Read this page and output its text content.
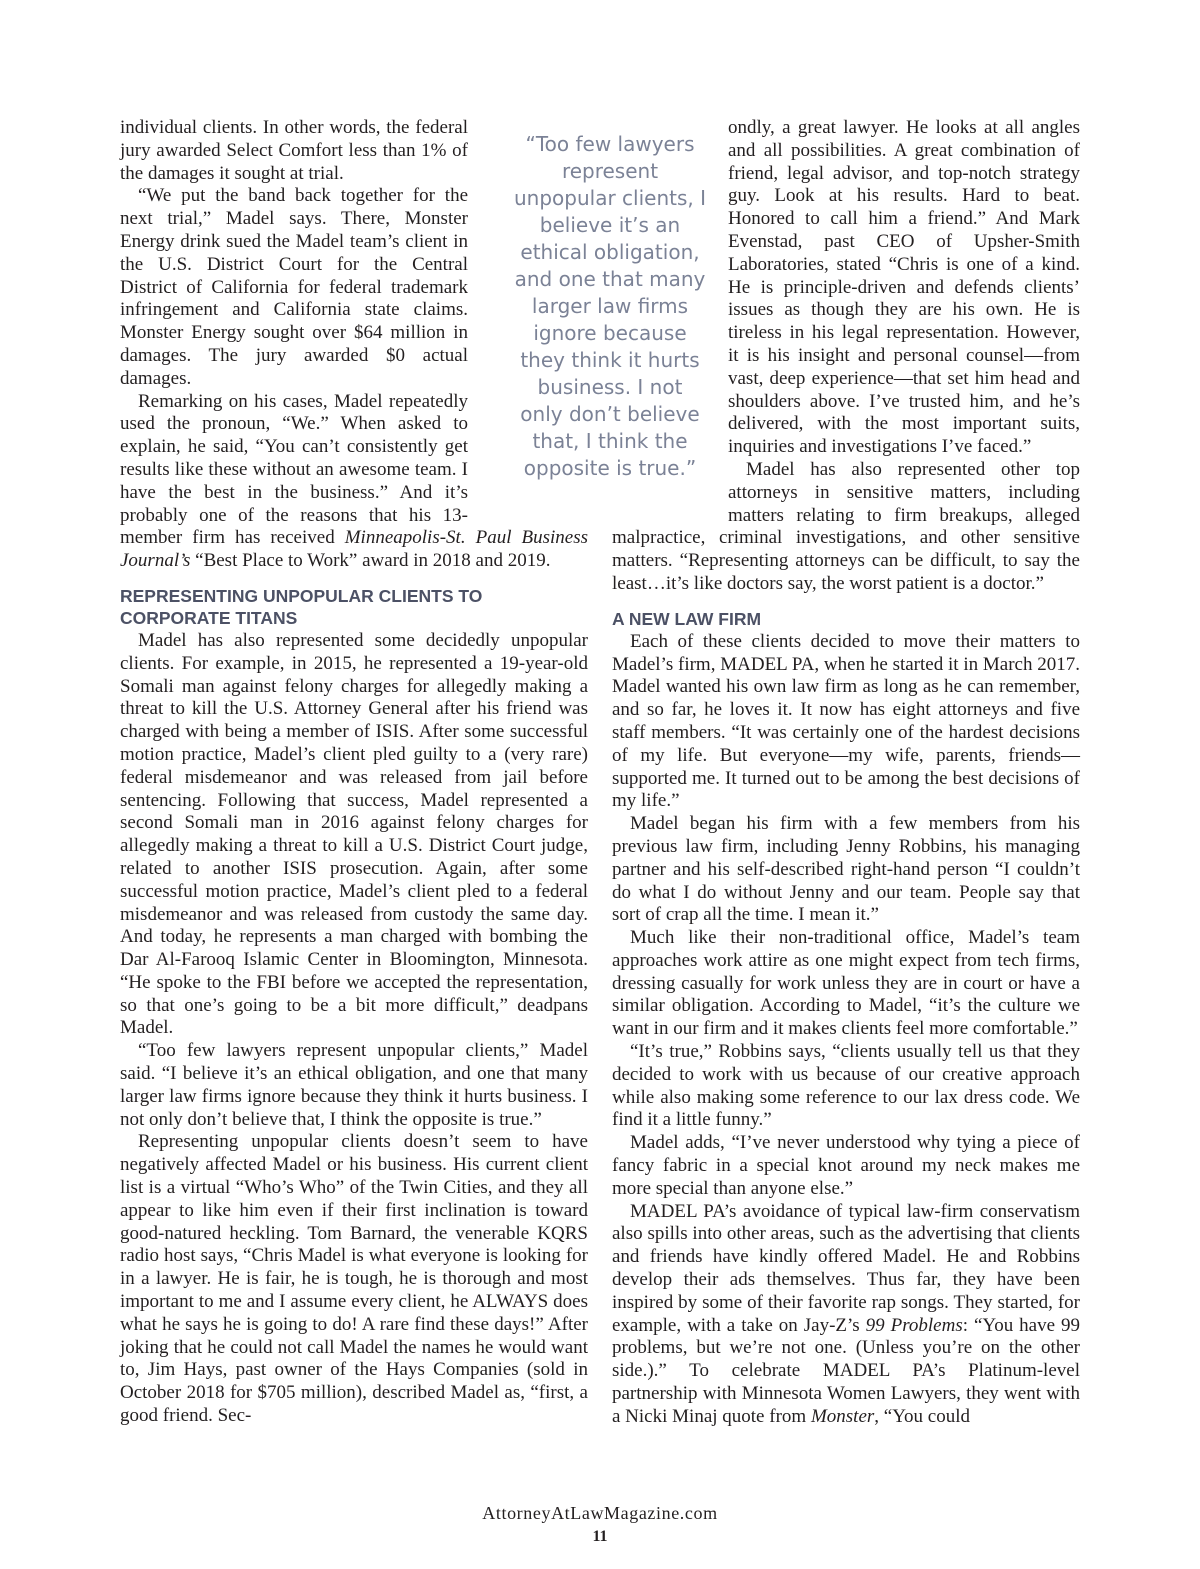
individual clients. In other words, the federal jury awarded Select Comfort less than 1% of the damages it sought at trial.

“We put the band back together for the next trial,” Madel says. There, Monster Energy drink sued the Madel team’s client in the U.S. District Court for the Central District of California for federal trademark infringement and California state claims. Monster Energy sought over $64 million in damages. The jury awarded $0 actual damages.

Remarking on his cases, Madel repeatedly used the pronoun, “We.” When asked to explain, he said, “You can’t consistently get results like these without an awesome team. I have the best in the business.” And it’s probably one of the reasons that his 13-member firm has received Minneapolis-St. Paul Business Journal’s “Best Place to Work” award in 2018 and 2019.

REPRESENTING UNPOPULAR CLIENTS TO CORPORATE TITANS

Madel has also represented some decidedly unpopular clients. For example, in 2015, he represented a 19-year-old Somali man against felony charges for allegedly making a threat to kill the U.S. Attorney General after his friend was charged with being a member of ISIS. After some successful motion practice, Madel’s client pled guilty to a (very rare) federal misdemeanor and was released from jail before sentencing. Following that success, Madel represented a second Somali man in 2016 against felony charges for allegedly making a threat to kill a U.S. District Court judge, related to another ISIS prosecution. Again, after some successful motion practice, Madel’s client pled to a federal misdemeanor and was released from custody the same day. And today, he represents a man charged with bombing the Dar Al-Farooq Islamic Center in Bloomington, Minnesota. “He spoke to the FBI before we accepted the representation, so that one’s going to be a bit more difficult,” deadpans Madel.

“Too few lawyers represent unpopular clients,” Madel said. “I believe it’s an ethical obligation, and one that many larger law firms ignore because they think it hurts business. I not only don’t believe that, I think the opposite is true.”

Representing unpopular clients doesn’t seem to have negatively affected Madel or his business. His current client list is a virtual “Who’s Who” of the Twin Cities, and they all appear to like him even if their first inclination is toward good-natured heckling. Tom Barnard, the venerable KQRS radio host says, “Chris Madel is what everyone is looking for in a lawyer. He is fair, he is tough, he is thorough and most important to me and I assume every client, he ALWAYS does what he says he is going to do! A rare find these days!” After joking that he could not call Madel the names he would want to, Jim Hays, past owner of the Hays Companies (sold in October 2018 for $705 million), described Madel as, “first, a good friend. Sec-

ondly, a great lawyer. He looks at all angles and all possibilities. A great combination of friend, legal advisor, and top-notch strategy guy. Look at his results. Hard to beat. Honored to call him a friend.” And Mark Evenstad, past CEO of Upsher-Smith Laboratories, stated “Chris is one of a kind. He is principle-driven and defends clients’ issues as though they are his own. He is tireless in his legal representation. However, it is his insight and personal counsel—from vast, deep experience—that set him head and shoulders above. I’ve trusted him, and he’s delivered, with the most important suits, inquiries and investigations I’ve faced.”

Madel has also represented other top attorneys in sensitive matters, including matters relating to firm breakups, alleged malpractice, criminal investigations, and other sensitive matters. “Representing attorneys can be difficult, to say the least…it’s like doctors say, the worst patient is a doctor.”

A NEW LAW FIRM

Each of these clients decided to move their matters to Madel’s firm, MADEL PA, when he started it in March 2017. Madel wanted his own law firm as long as he can remember, and so far, he loves it. It now has eight attorneys and five staff members. “It was certainly one of the hardest decisions of my life. But everyone—my wife, parents, friends—supported me. It turned out to be among the best decisions of my life.”

Madel began his firm with a few members from his previous law firm, including Jenny Robbins, his managing partner and his self-described right-hand person “I couldn’t do what I do without Jenny and our team. People say that sort of crap all the time. I mean it.”

Much like their non-traditional office, Madel’s team approaches work attire as one might expect from tech firms, dressing casually for work unless they are in court or have a similar obligation. According to Madel, “it’s the culture we want in our firm and it makes clients feel more comfortable.”

“It’s true,” Robbins says, “clients usually tell us that they decided to work with us because of our creative approach while also making some reference to our lax dress code. We find it a little funny.”

Madel adds, “I’ve never understood why tying a piece of fancy fabric in a special knot around my neck makes me more special than anyone else.”

MADEL PA’s avoidance of typical law-firm conservatism also spills into other areas, such as the advertising that clients and friends have kindly offered Madel. He and Robbins develop their ads themselves. Thus far, they have been inspired by some of their favorite rap songs. They started, for example, with a take on Jay-Z’s 99 Problems: “You have 99 problems, but we’re not one. (Unless you’re on the other side.).” To celebrate MADEL PA’s Platinum-level partnership with Minnesota Women Lawyers, they went with a Nicki Minaj quote from Monster, “You could

“Too few lawyers represent unpopular clients, I believe it’s an ethical obligation, and one that many larger law firms ignore because they think it hurts business. I not only don’t believe that, I think the opposite is true.”
AttorneyAtLawMagazine.com
11
